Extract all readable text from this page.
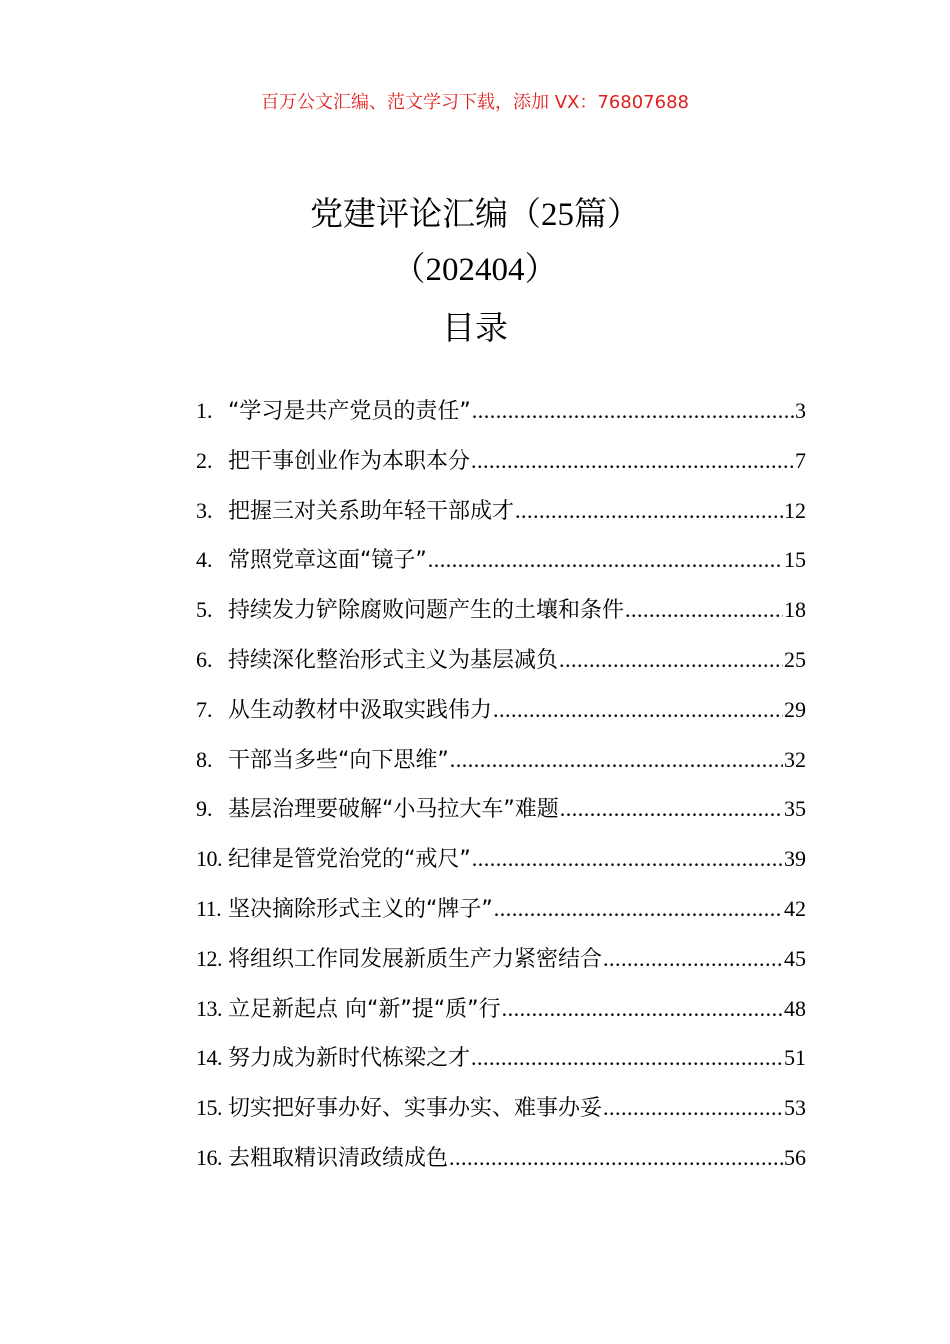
百万公文汇编、范文学习下载，添加 VX：76807688
党建评论汇编（25篇）
（202404）
目录
1. “学习是共产党员的责任” .....	3
2. 把干事创业作为本职本分 .....	7
3. 把握三对关系助年轻干部成才 .....	12
4. 常照党章这面“镜子” .....	15
5. 持续发力铲除腐败问题产生的土壤和条件 .....	18
6. 持续深化整治形式主义为基层减负 .....	25
7. 从生动教材中汲取实践伟力 .....	29
8. 干部当多些“向下思维” .....	32
9. 基层治理要破解“小马拉大车”难题 .....	35
10. 纪律是管党治党的“戒尺” .....	39
11. 坚决摘除形式主义的“牌子” .....	42
12. 将组织工作同发展新质生产力紧密结合 .....	45
13. 立足新起点 向“新”提“质”行 .....	48
14. 努力成为新时代栋梁之才 .....	51
15. 切实把好事办好、实事办实、难事办妥 .....	53
16. 去粗取精识清政绩成色 .....	56
